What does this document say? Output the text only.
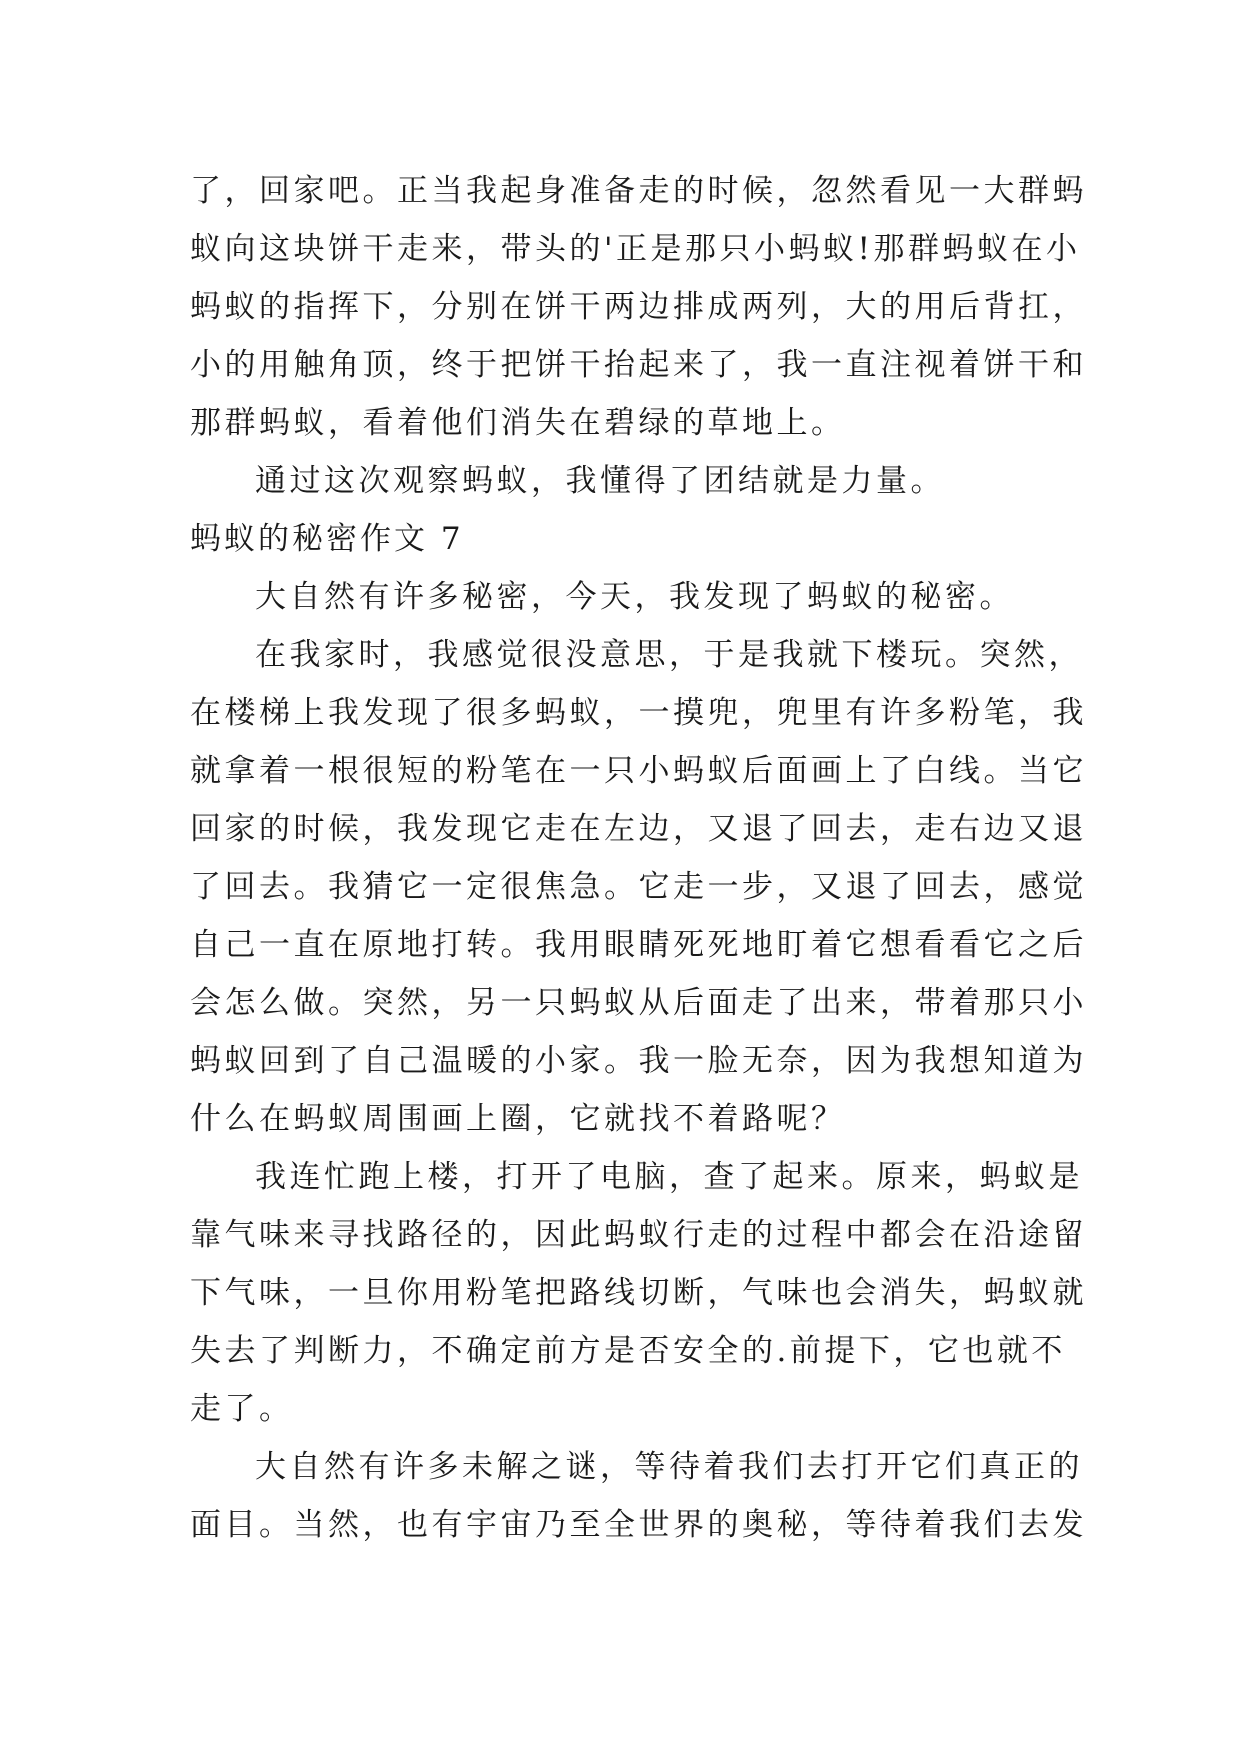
了，回家吧。正当我起身准备走的时候，忽然看见一大群蚂
蚁向这块饼干走来，带头的'正是那只小蚂蚁!那群蚂蚁在小
蚂蚁的指挥下，分别在饼干两边排成两列，大的用后背扛，
小的用触角顶，终于把饼干抬起来了，我一直注视着饼干和
那群蚂蚁，看着他们消失在碧绿的草地上。
通过这次观察蚂蚁，我懂得了团结就是力量。
蚂蚁的秘密作文 7
大自然有许多秘密，今天，我发现了蚂蚁的秘密。
在我家时，我感觉很没意思，于是我就下楼玩。突然，
在楼梯上我发现了很多蚂蚁，一摸兜，兜里有许多粉笔，我
就拿着一根很短的粉笔在一只小蚂蚁后面画上了白线。当它
回家的时候，我发现它走在左边，又退了回去，走右边又退
了回去。我猜它一定很焦急。它走一步，又退了回去，感觉
自己一直在原地打转。我用眼睛死死地盯着它想看看它之后
会怎么做。突然，另一只蚂蚁从后面走了出来，带着那只小
蚂蚁回到了自己温暖的小家。我一脸无奈，因为我想知道为
什么在蚂蚁周围画上圈，它就找不着路呢？
我连忙跑上楼，打开了电脑，查了起来。原来，蚂蚁是
靠气味来寻找路径的，因此蚂蚁行走的过程中都会在沿途留
下气味，一旦你用粉笔把路线切断，气味也会消失，蚂蚁就
失去了判断力，不确定前方是否安全的.前提下，它也就不
走了。
大自然有许多未解之谜，等待着我们去打开它们真正的
面目。当然，也有宇宙乃至全世界的奥秘，等待着我们去发
